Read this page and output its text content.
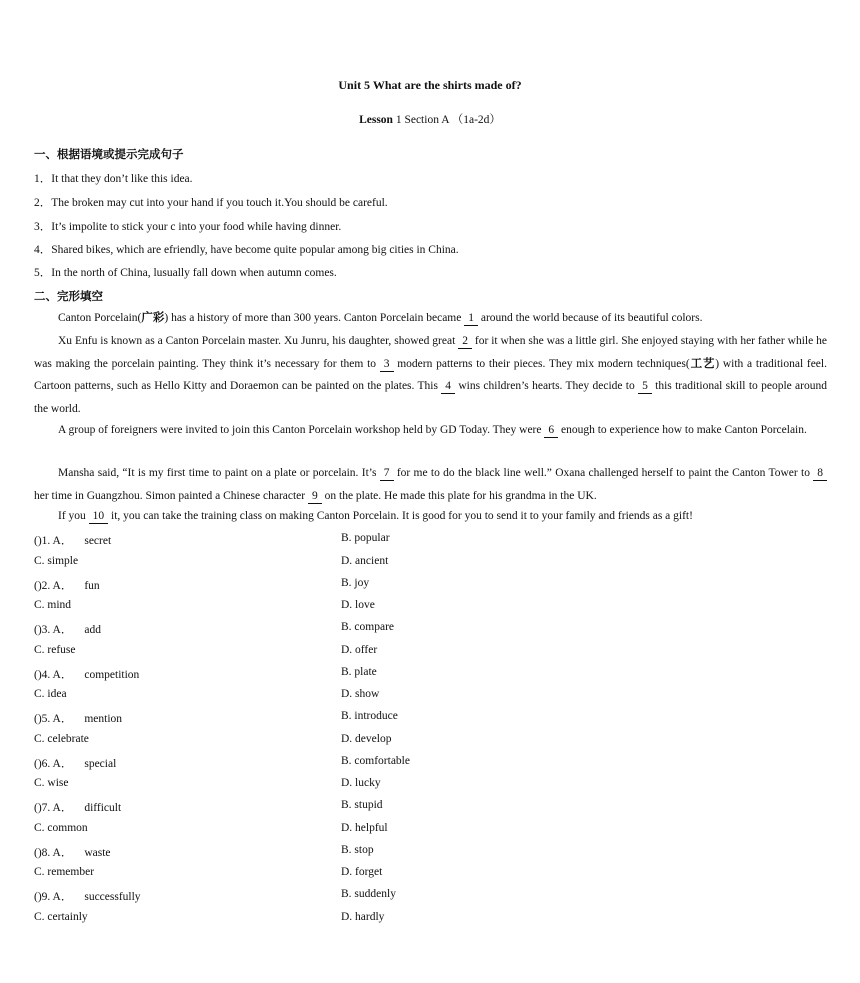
Unit 5 What are the shirts made of?
Lesson 1 Section A （1a-2d）
一、根据语境或提示完成句子
1．It that they don’t like this idea.
2．The broken may cut into your hand if you touch it.You should be careful.
3．It’s impolite to stick your c into your food while having dinner.
4．Shared bikes, which are efriendly, have become quite popular among big cities in China.
5．In the north of China, lusually fall down when autumn comes.
二、完形填空
Canton Porcelain(广彩) has a history of more than 300 years. Canton Porcelain became 1 around the world because of its beautiful colors.
Xu Enfu is known as a Canton Porcelain master. Xu Junru, his daughter, showed great 2 for it when she was a little girl. She enjoyed staying with her father while he was making the porcelain painting. They think it’s necessary for them to 3 modern patterns to their pieces. They mix modern techniques(工艺) with a traditional feel. Cartoon patterns, such as Hello Kitty and Doraemon can be painted on the plates. This 4 wins children’s hearts. They decide to 5 this traditional skill to people around the world.
A group of foreigners were invited to join this Canton Porcelain workshop held by GD Today. They were 6 enough to experience how to make Canton Porcelain.
Mansha said, “It is my first time to paint on a plate or porcelain. It’s 7 for me to do the black line well.” Oxana challenged herself to paint the Canton Tower to 8 her time in Guangzhou. Simon painted a Chinese character 9 on the plate. He made this plate for his grandma in the UK.
If you 10 it, you can take the training class on making Canton Porcelain. It is good for you to send it to your family and friends as a gift!
()1. A． secret	B. popular
C. simple	D. ancient
()2. A． fun	B. joy
C. mind	D. love
()3. A． add	B. compare
C. refuse	D. offer
()4. A． competition	B. plate
C. idea	D. show
()5. A． mention	B. introduce
C. celebrate	D. develop
()6. A． special	B. comfortable
C. wise	D. lucky
()7. A． difficult	B. stupid
C. common	D. helpful
()8. A． waste	B. stop
C. remember	D. forget
()9. A． successfully	B. suddenly
C. certainly	D. hardly
